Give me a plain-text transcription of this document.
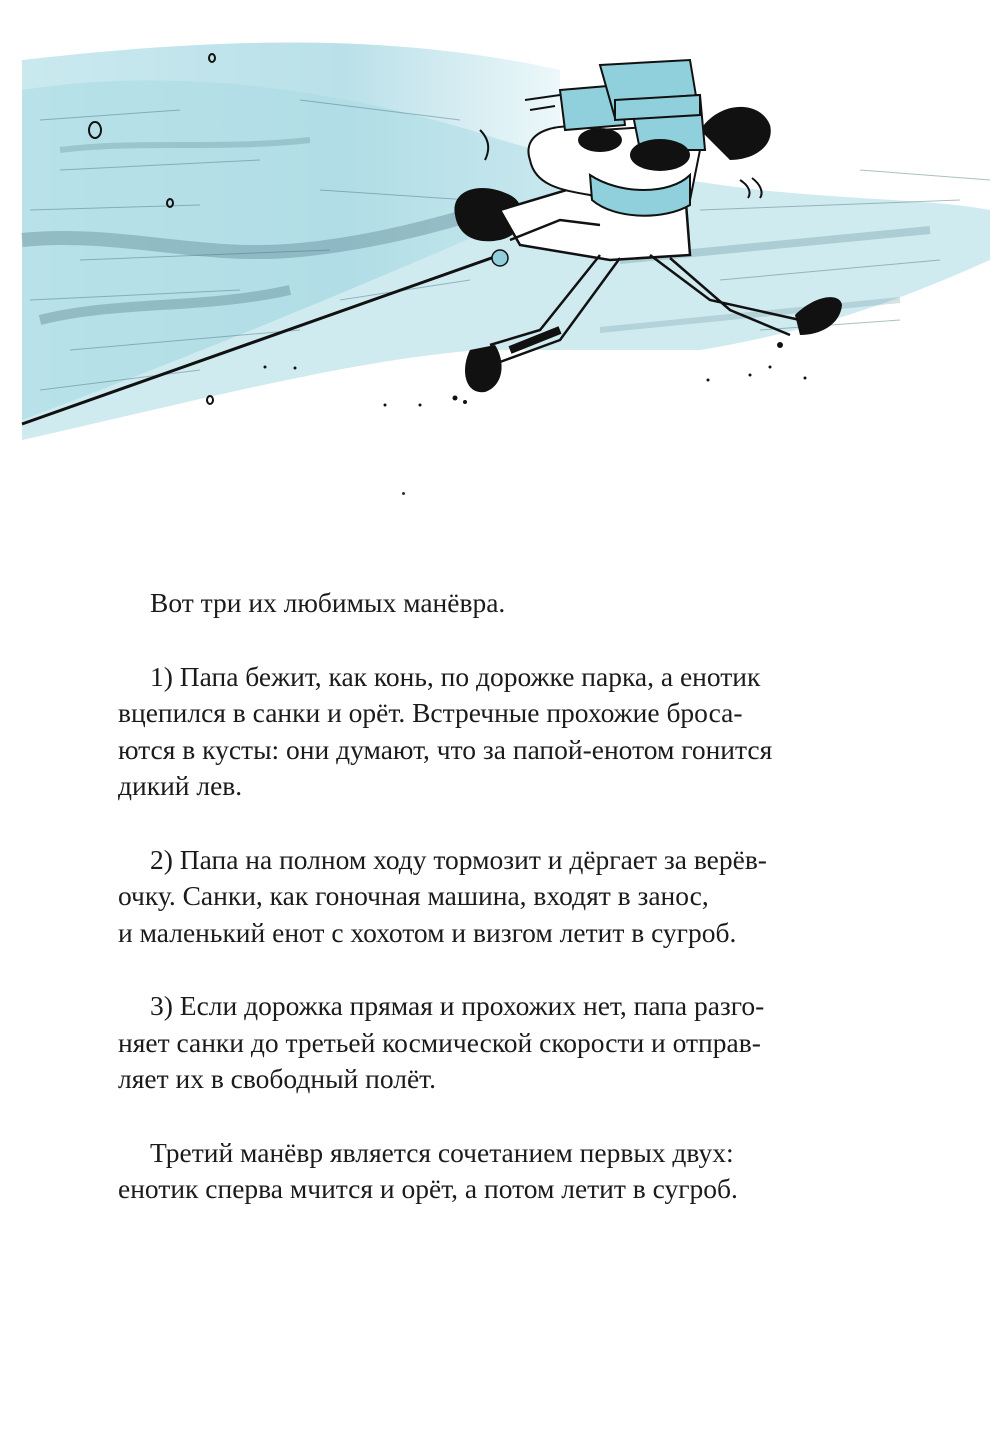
Вот три их любимых манёвра.

1) Папа бежит, как конь, по дорожке парка, а енотик
вцепился в санки и орёт. Встречные прохожие броса-
ются в кусты: они думают, что за папой-енотом гонится
дикий лев.

2) Папа на полном ходу тормозит и дёргает за верёв-
очку. Санки, как гоночная машина, входят в занос,
и маленький енот с хохотом и визгом летит в сугроб.

3) Если дорожка прямая и прохожих нет, папа разго-
няет санки до третьей космической скорости и отправ-
ляет их в свободный полёт.

Третий манёвр является сочетанием первых двух:
енотик сперва мчится и орёт, а потом летит в сугроб.
